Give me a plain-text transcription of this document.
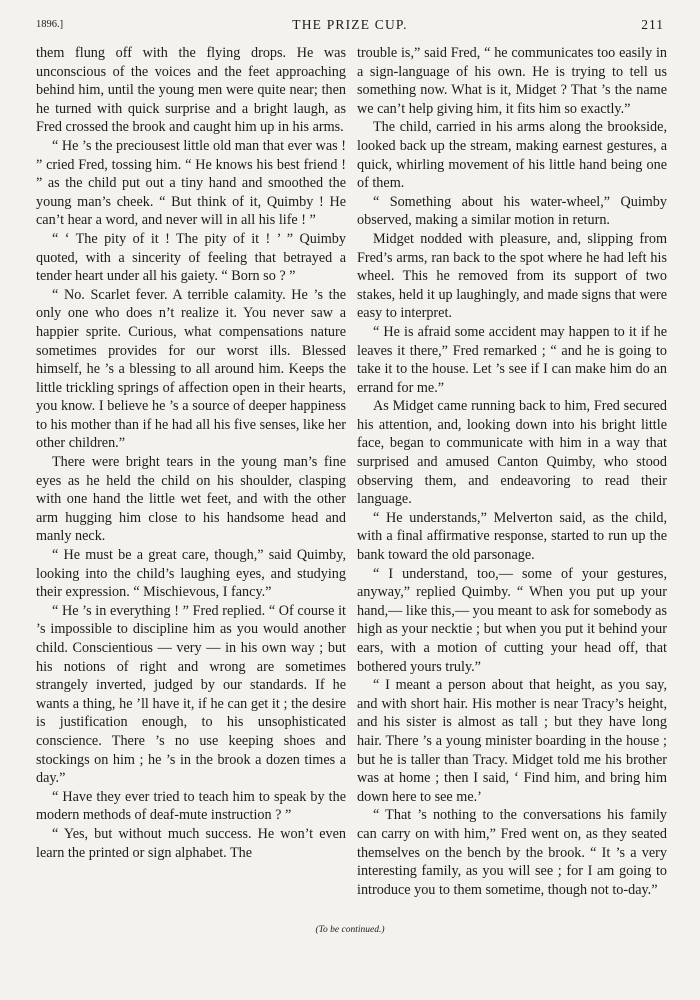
1896.]	THE PRIZE CUP.	211

them flung off with the flying drops. He was unconscious of the voices and the feet approaching behind him, until the young men were quite near; then he turned with quick surprise and a bright laugh, as Fred crossed the brook and caught him up in his arms.

“ He ’s the preciousest little old man that ever was ! ” cried Fred, tossing him. “ He knows his best friend ! ” as the child put out a tiny hand and smoothed the young man’s cheek. “ But think of it, Quimby ! He can’t hear a word, and never will in all his life ! ”

“ ‘ The pity of it ! The pity of it ! ’ ” Quimby quoted, with a sincerity of feeling that betrayed a tender heart under all his gaiety. “ Born so ? ”

“ No. Scarlet fever. A terrible calamity. He ’s the only one who does n’t realize it. You never saw a happier sprite. Curious, what compensations nature sometimes provides for our worst ills. Blessed himself, he ’s a blessing to all around him. Keeps the little trickling springs of affection open in their hearts, you know. I believe he ’s a source of deeper happiness to his mother than if he had all his five senses, like her other children.”

There were bright tears in the young man’s fine eyes as he held the child on his shoulder, clasping with one hand the little wet feet, and with the other arm hugging him close to his handsome head and manly neck.

“ He must be a great care, though,” said Quimby, looking into the child’s laughing eyes, and studying their expression. “ Mischievous, I fancy.”

“ He ’s in everything ! ” Fred replied. “ Of course it ’s impossible to discipline him as you would another child. Conscientious — very — in his own way ; but his notions of right and wrong are sometimes strangely inverted, judged by our standards. If he wants a thing, he ’ll have it, if he can get it ; the desire is justification enough, to his unsophisticated conscience. There ’s no use keeping shoes and stockings on him ; he ’s in the brook a dozen times a day.”

“ Have they ever tried to teach him to speak by the modern methods of deaf-mute instruction ? ”

“ Yes, but without much success. He won’t even learn the printed or sign alphabet. The

trouble is,” said Fred, “ he communicates too easily in a sign-language of his own. He is trying to tell us something now. What is it, Midget ? That ’s the name we can’t help giving him, it fits him so exactly.”

The child, carried in his arms along the brookside, looked back up the stream, making earnest gestures, a quick, whirling movement of his little hand being one of them.

“ Something about his water-wheel,” Quimby observed, making a similar motion in return.

Midget nodded with pleasure, and, slipping from Fred’s arms, ran back to the spot where he had left his wheel. This he removed from its support of two stakes, held it up laughingly, and made signs that were easy to interpret.

“ He is afraid some accident may happen to it if he leaves it there,” Fred remarked ; “ and he is going to take it to the house. Let ’s see if I can make him do an errand for me.”

As Midget came running back to him, Fred secured his attention, and, looking down into his bright little face, began to communicate with him in a way that surprised and amused Canton Quimby, who stood observing them, and endeavoring to read their language.

“ He understands,” Melverton said, as the child, with a final affirmative response, started to run up the bank toward the old parsonage.

“ I understand, too,— some of your gestures, anyway,” replied Quimby. “ When you put up your hand,— like this,— you meant to ask for somebody as high as your necktie ; but when you put it behind your ears, with a motion of cutting your head off, that bothered yours truly.”

“ I meant a person about that height, as you say, and with short hair. His mother is near Tracy’s height, and his sister is almost as tall ; but they have long hair. There ’s a young minister boarding in the house ; but he is taller than Tracy. Midget told me his brother was at home ; then I said, ‘ Find him, and bring him down here to see me.’

“ That ’s nothing to the conversations his family can carry on with him,” Fred went on, as they seated themselves on the bench by the brook. “ It ’s a very interesting family, as you will see ; for I am going to introduce you to them sometime, though not to-day.”

(To be continued.)
